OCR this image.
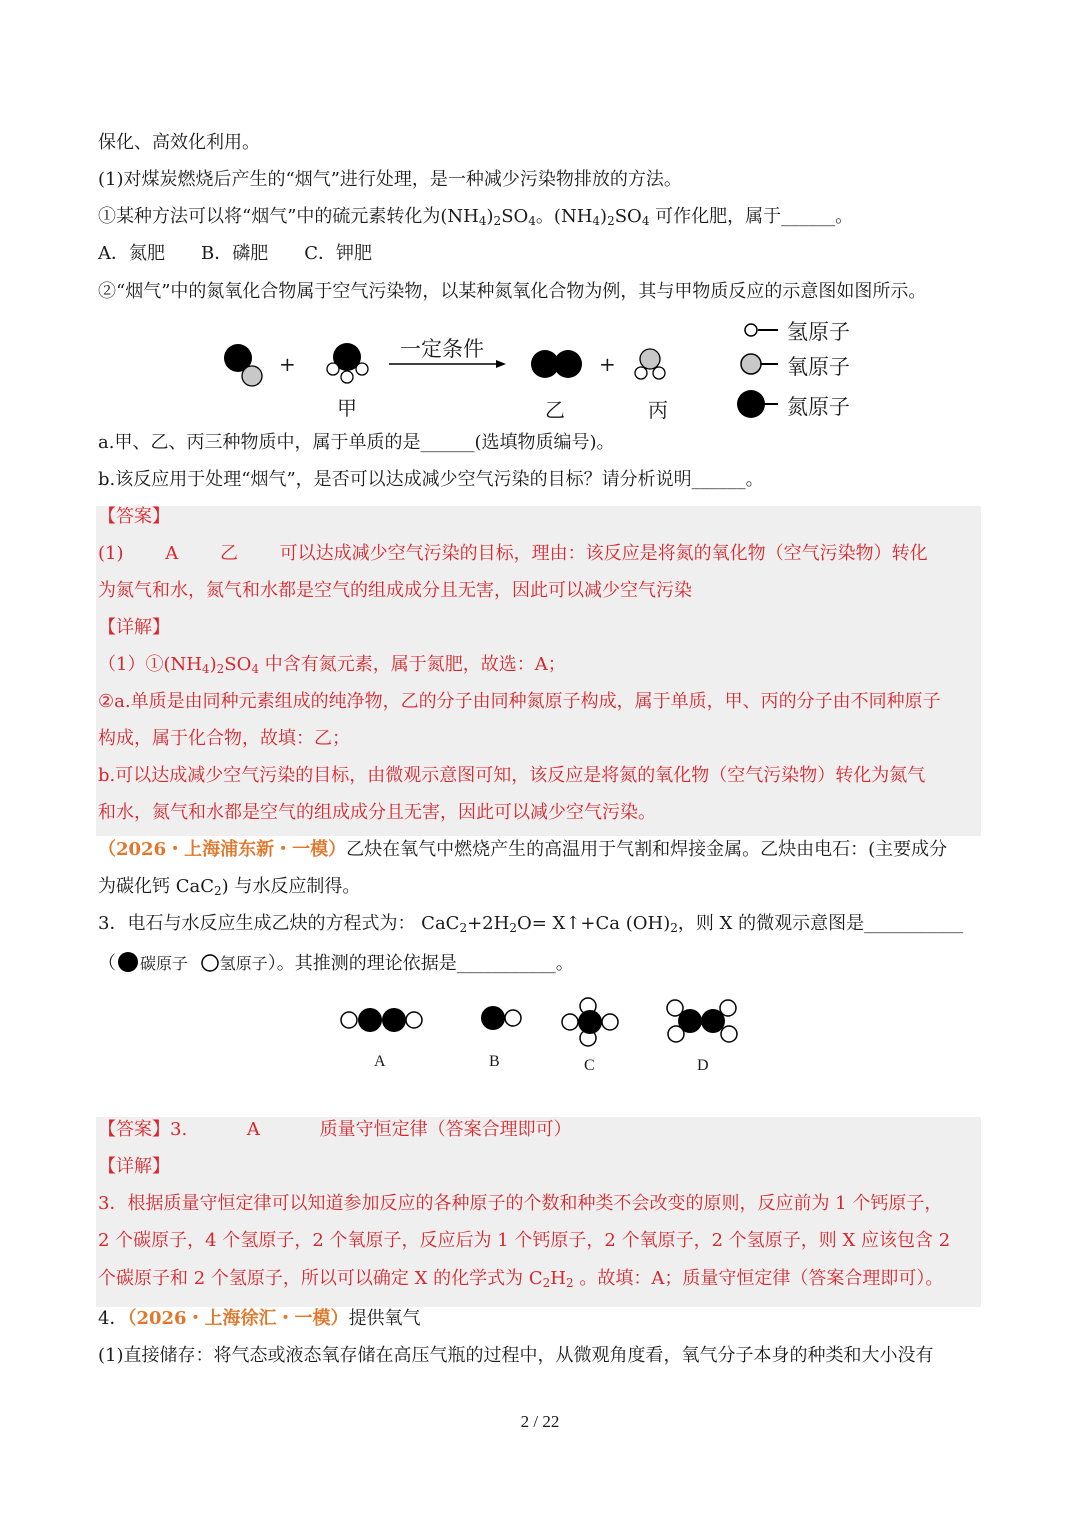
保化、高效化利用。
(1)对煤炭燃烧后产生的“烟气”进行处理，是一种减少污染物排放的方法。
①某种方法可以将“烟气”中的硫元素转化为$(NH_4)_2SO_4$。$(NH_4)_2SO_4$ 可作化肥，属于______。
A．氮肥　　B．磷肥　　C．钾肥
②“烟气”中的氮氧化合物属于空气污染物，以某种氮氧化合物为例，其与甲物质反应的示意图如图所示。
+	+
一定条件
甲	乙	丙
氢原子
氧原子
氮原子
a.甲、乙、丙三种物质中，属于单质的是______(选填物质编号)。
b.该反应用于处理“烟气”，是否可以达成减少空气污染的目标？请分析说明______。
【答案】
(1)　　 A　　 乙　　 可以达成减少空气污染的目标，理由：该反应是将氮的氧化物（空气污染物）转化
为氮气和水，氮气和水都是空气的组成成分且无害，因此可以减少空气污染
【详解】
$(1)①(NH_4)_2SO_4$ 中含有氮元素，属于氮肥，故选：A；
②a.单质是由同种元素组成的纯净物，乙的分子由同种氮原子构成，属于单质，甲、丙的分子由不同种原子
构成，属于化合物，故填：乙；
b.可以达成减少空气污染的目标，由微观示意图可知，该反应是将氮的氧化物（空气污染物）转化为氮气
和水，氮气和水都是空气的组成成分且无害，因此可以减少空气污染。
（2026・上海浦东新・一模）乙炔在氧气中燃烧产生的高温用于气割和焊接金属。乙炔由电石：(主要成分
为碳化钙 CaC$_2$) 与水反应制得。
3．电石与水反应生成乙炔的方程式为： $CaC_2+2H_2O=$ X↑+Ca $(OH)_2$，则 X 的微观示意图是___________
（ 碳原子 氢原子）。其推测的理论依据是___________。
A	B	C	D
【答案】3.　　　 A　　　 质量守恒定律（答案合理即可）
【详解】
3．根据质量守恒定律可以知道参加反应的各种原子的个数和种类不会改变的原则，反应前为 1 个钙原子，
2 个碳原子，4 个氢原子，2 个氧原子，反应后为 1 个钙原子，2 个氧原子，2 个氢原子，则 X 应该包含 2
个碳原子和 2 个氢原子，所以可以确定 X 的化学式为 $C_2H_2$ 。故填：A；质量守恒定律（答案合理即可）。
4．（2026・上海徐汇・一模）提供氧气
(1)直接储存：将气态或液态氧存储在高压气瓶的过程中，从微观角度看，氧气分子本身的种类和大小没有
2 / 22
